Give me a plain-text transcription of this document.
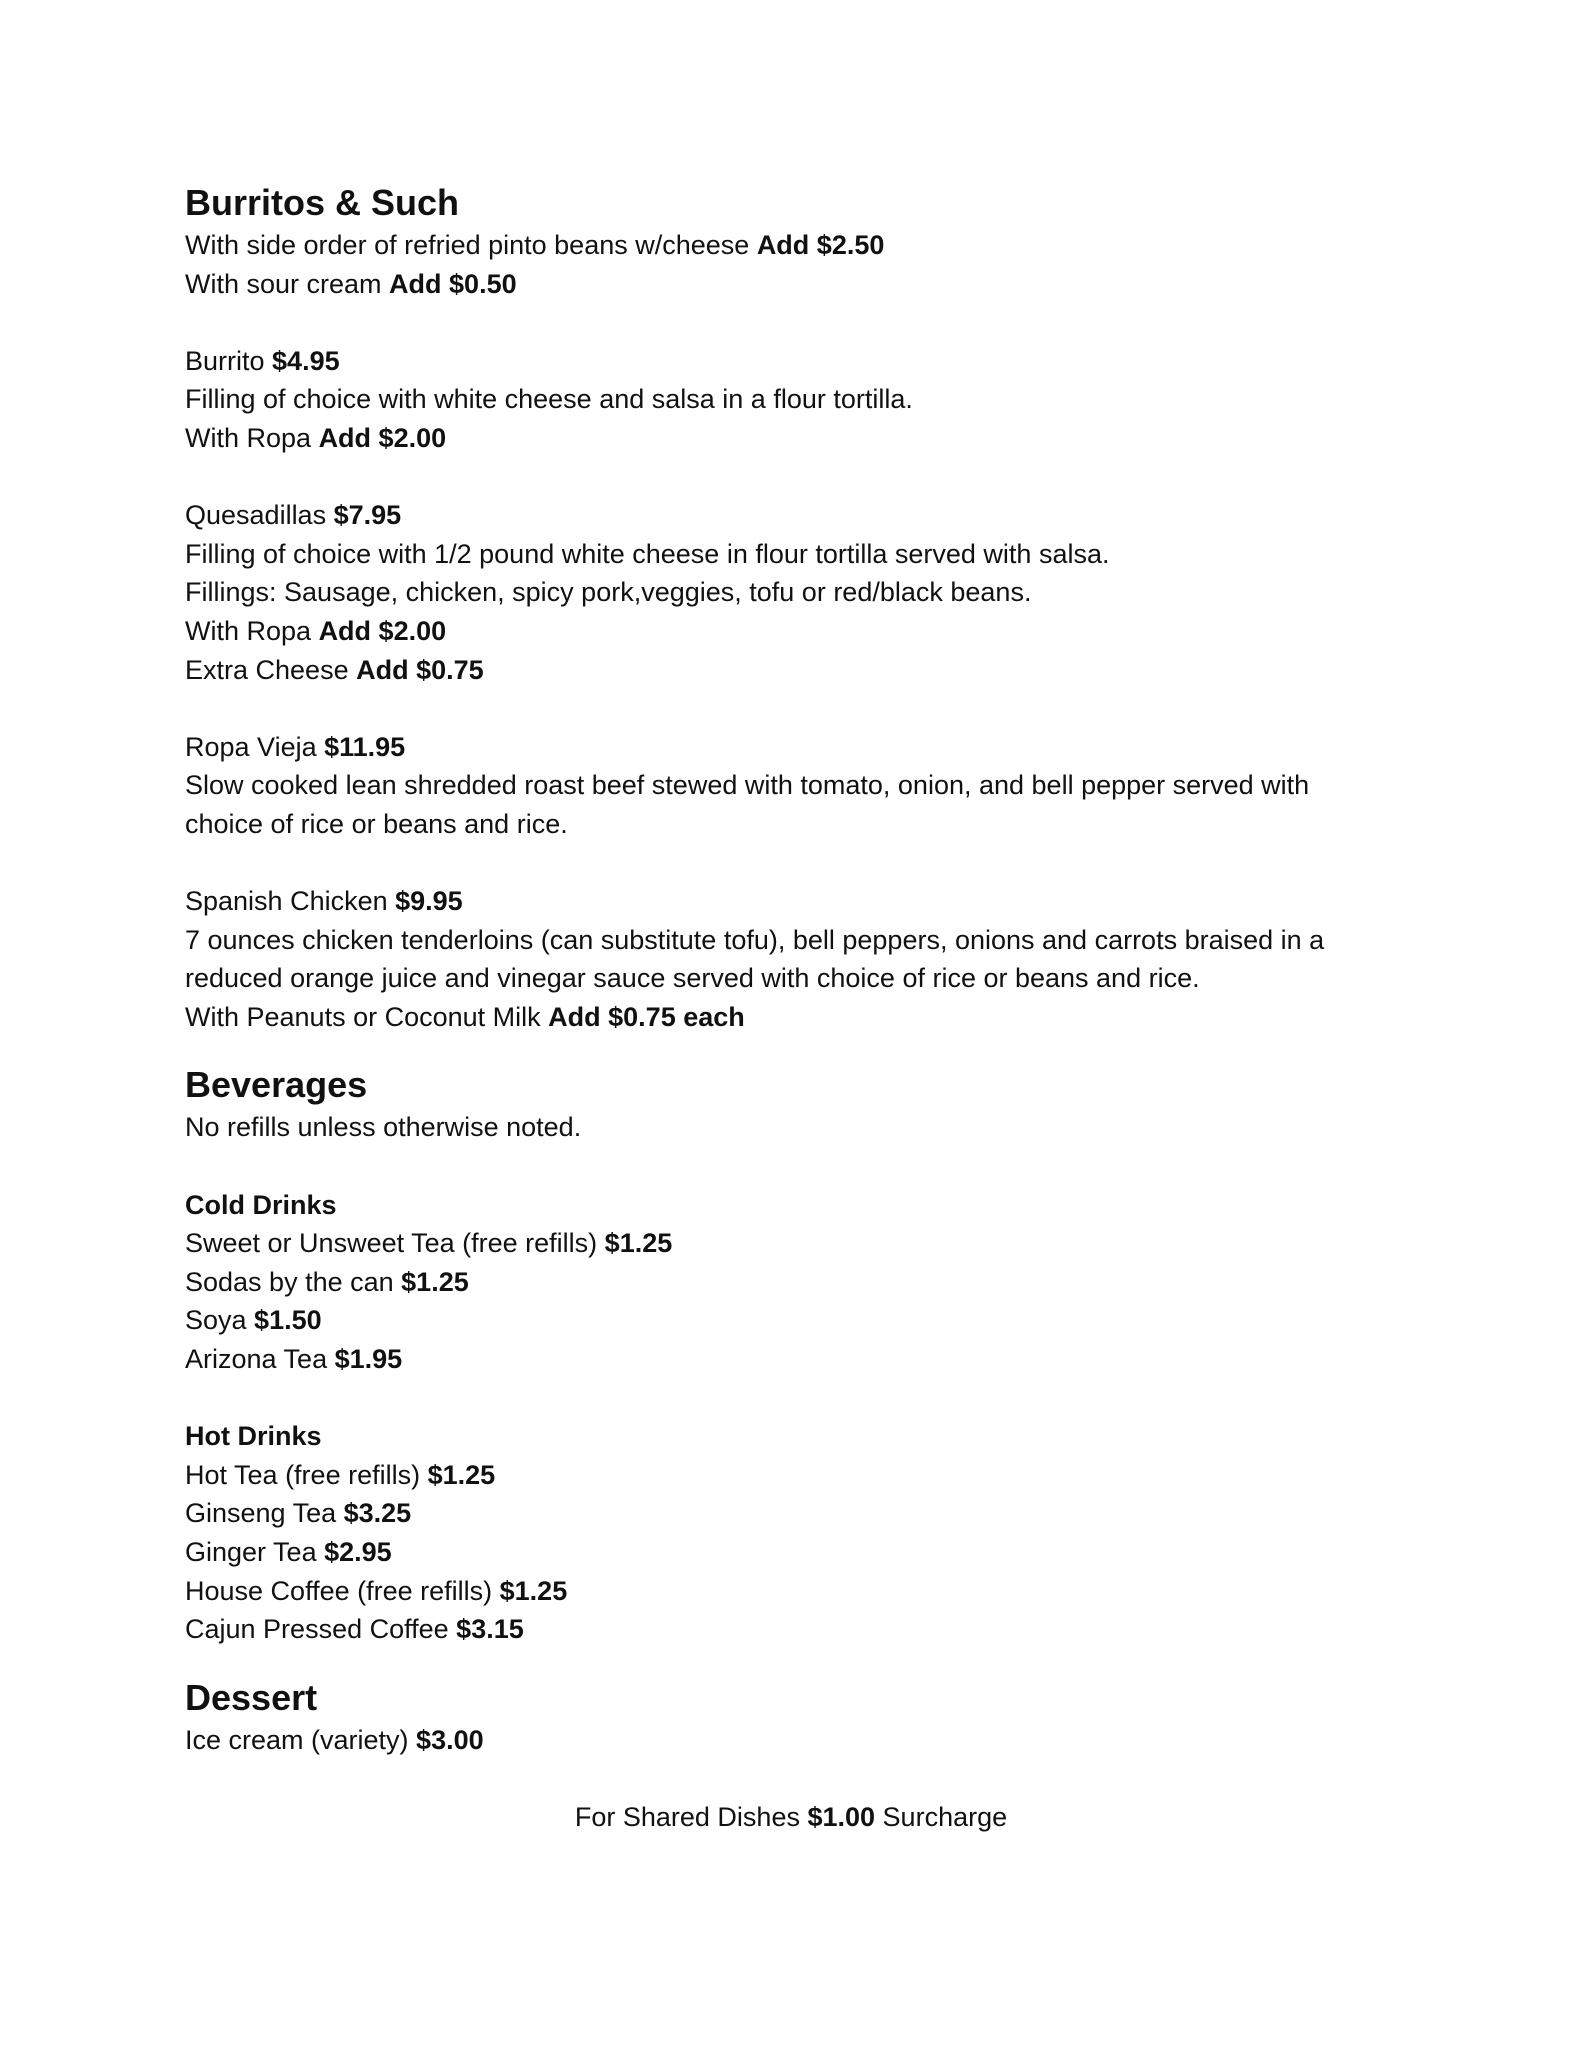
Burritos & Such

With side order of refried pinto beans w/cheese Add $2.50

With sour cream Add $0.50

Burrito $4.95

Filling of choice with white cheese and salsa in a flour tortilla.

With Ropa Add $2.00

Quesadillas $7.95

Filling of choice with 1/2 pound white cheese in flour tortilla served with salsa.

Fillings: Sausage, chicken, spicy pork,veggies, tofu or red/black beans.

With Ropa Add $2.00

Extra Cheese Add $0.75

Ropa Vieja $11.95

Slow cooked lean shredded roast beef stewed with tomato, onion, and bell pepper served with

choice of rice or beans and rice.

Spanish Chicken $9.95

7 ounces chicken tenderloins (can substitute tofu), bell peppers, onions and carrots braised in a

reduced orange juice and vinegar sauce served with choice of rice or beans and rice.

With Peanuts or Coconut Milk Add $0.75 each

Beverages

No refills unless otherwise noted.

Cold Drinks

Sweet or Unsweet Tea (free refills) $1.25

Sodas by the can $1.25

Soya $1.50

Arizona Tea $1.95

Hot Drinks

Hot Tea (free refills) $1.25

Ginseng Tea $3.25

Ginger Tea $2.95

House Coffee (free refills) $1.25

Cajun Pressed Coffee $3.15

Dessert

Ice cream (variety) $3.00

For Shared Dishes $1.00 Surcharge
